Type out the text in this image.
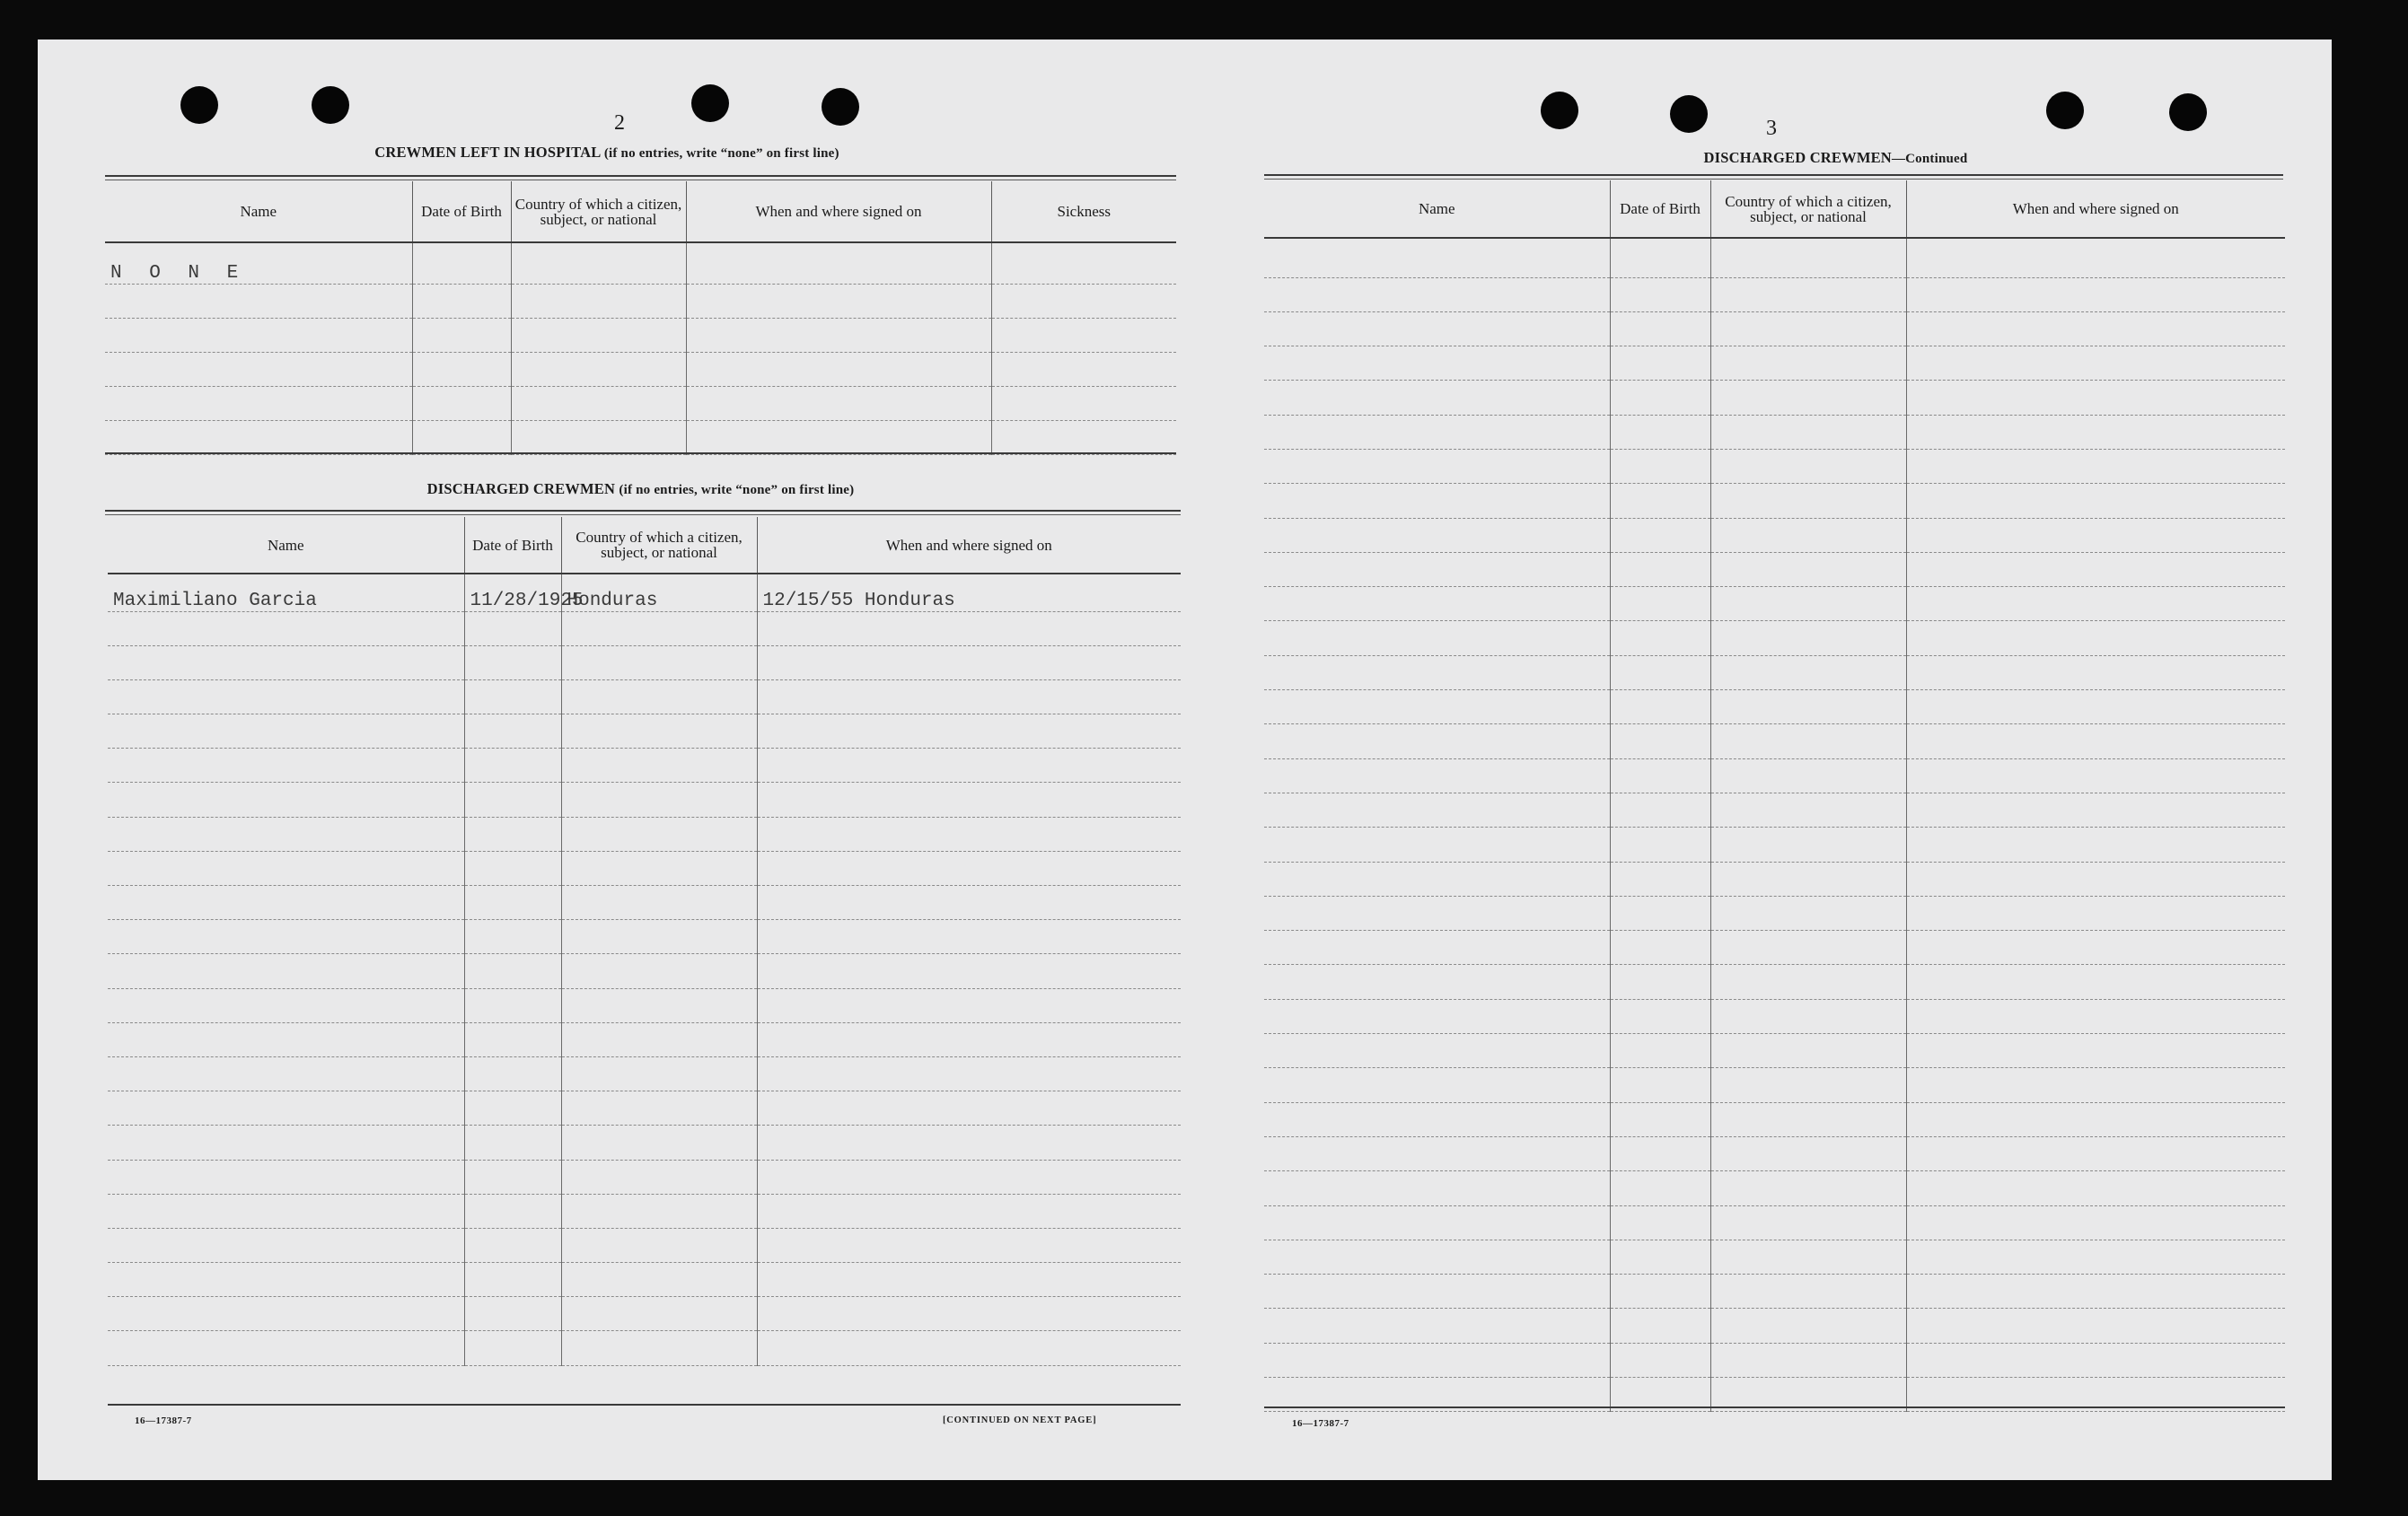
2
CREWMEN LEFT IN HOSPITAL (if no entries, write “none” on first line)
Name	Date of Birth	Country of which a citizen, subject, or national	When and where signed on	Sickness
N O N E				

DISCHARGED CREWMEN (if no entries, write “none” on first line)
Name	Date of Birth	Country of which a citizen, subject, or national	When and where signed on
Maximiliano Garcia	11/28/1925	Honduras	12/15/55 Honduras

16—17387-7	[CONTINUED ON NEXT PAGE]
3
DISCHARGED CREWMEN—Continued
Name	Date of Birth	Country of which a citizen, subject, or national	When and where signed on

16—17387-7
